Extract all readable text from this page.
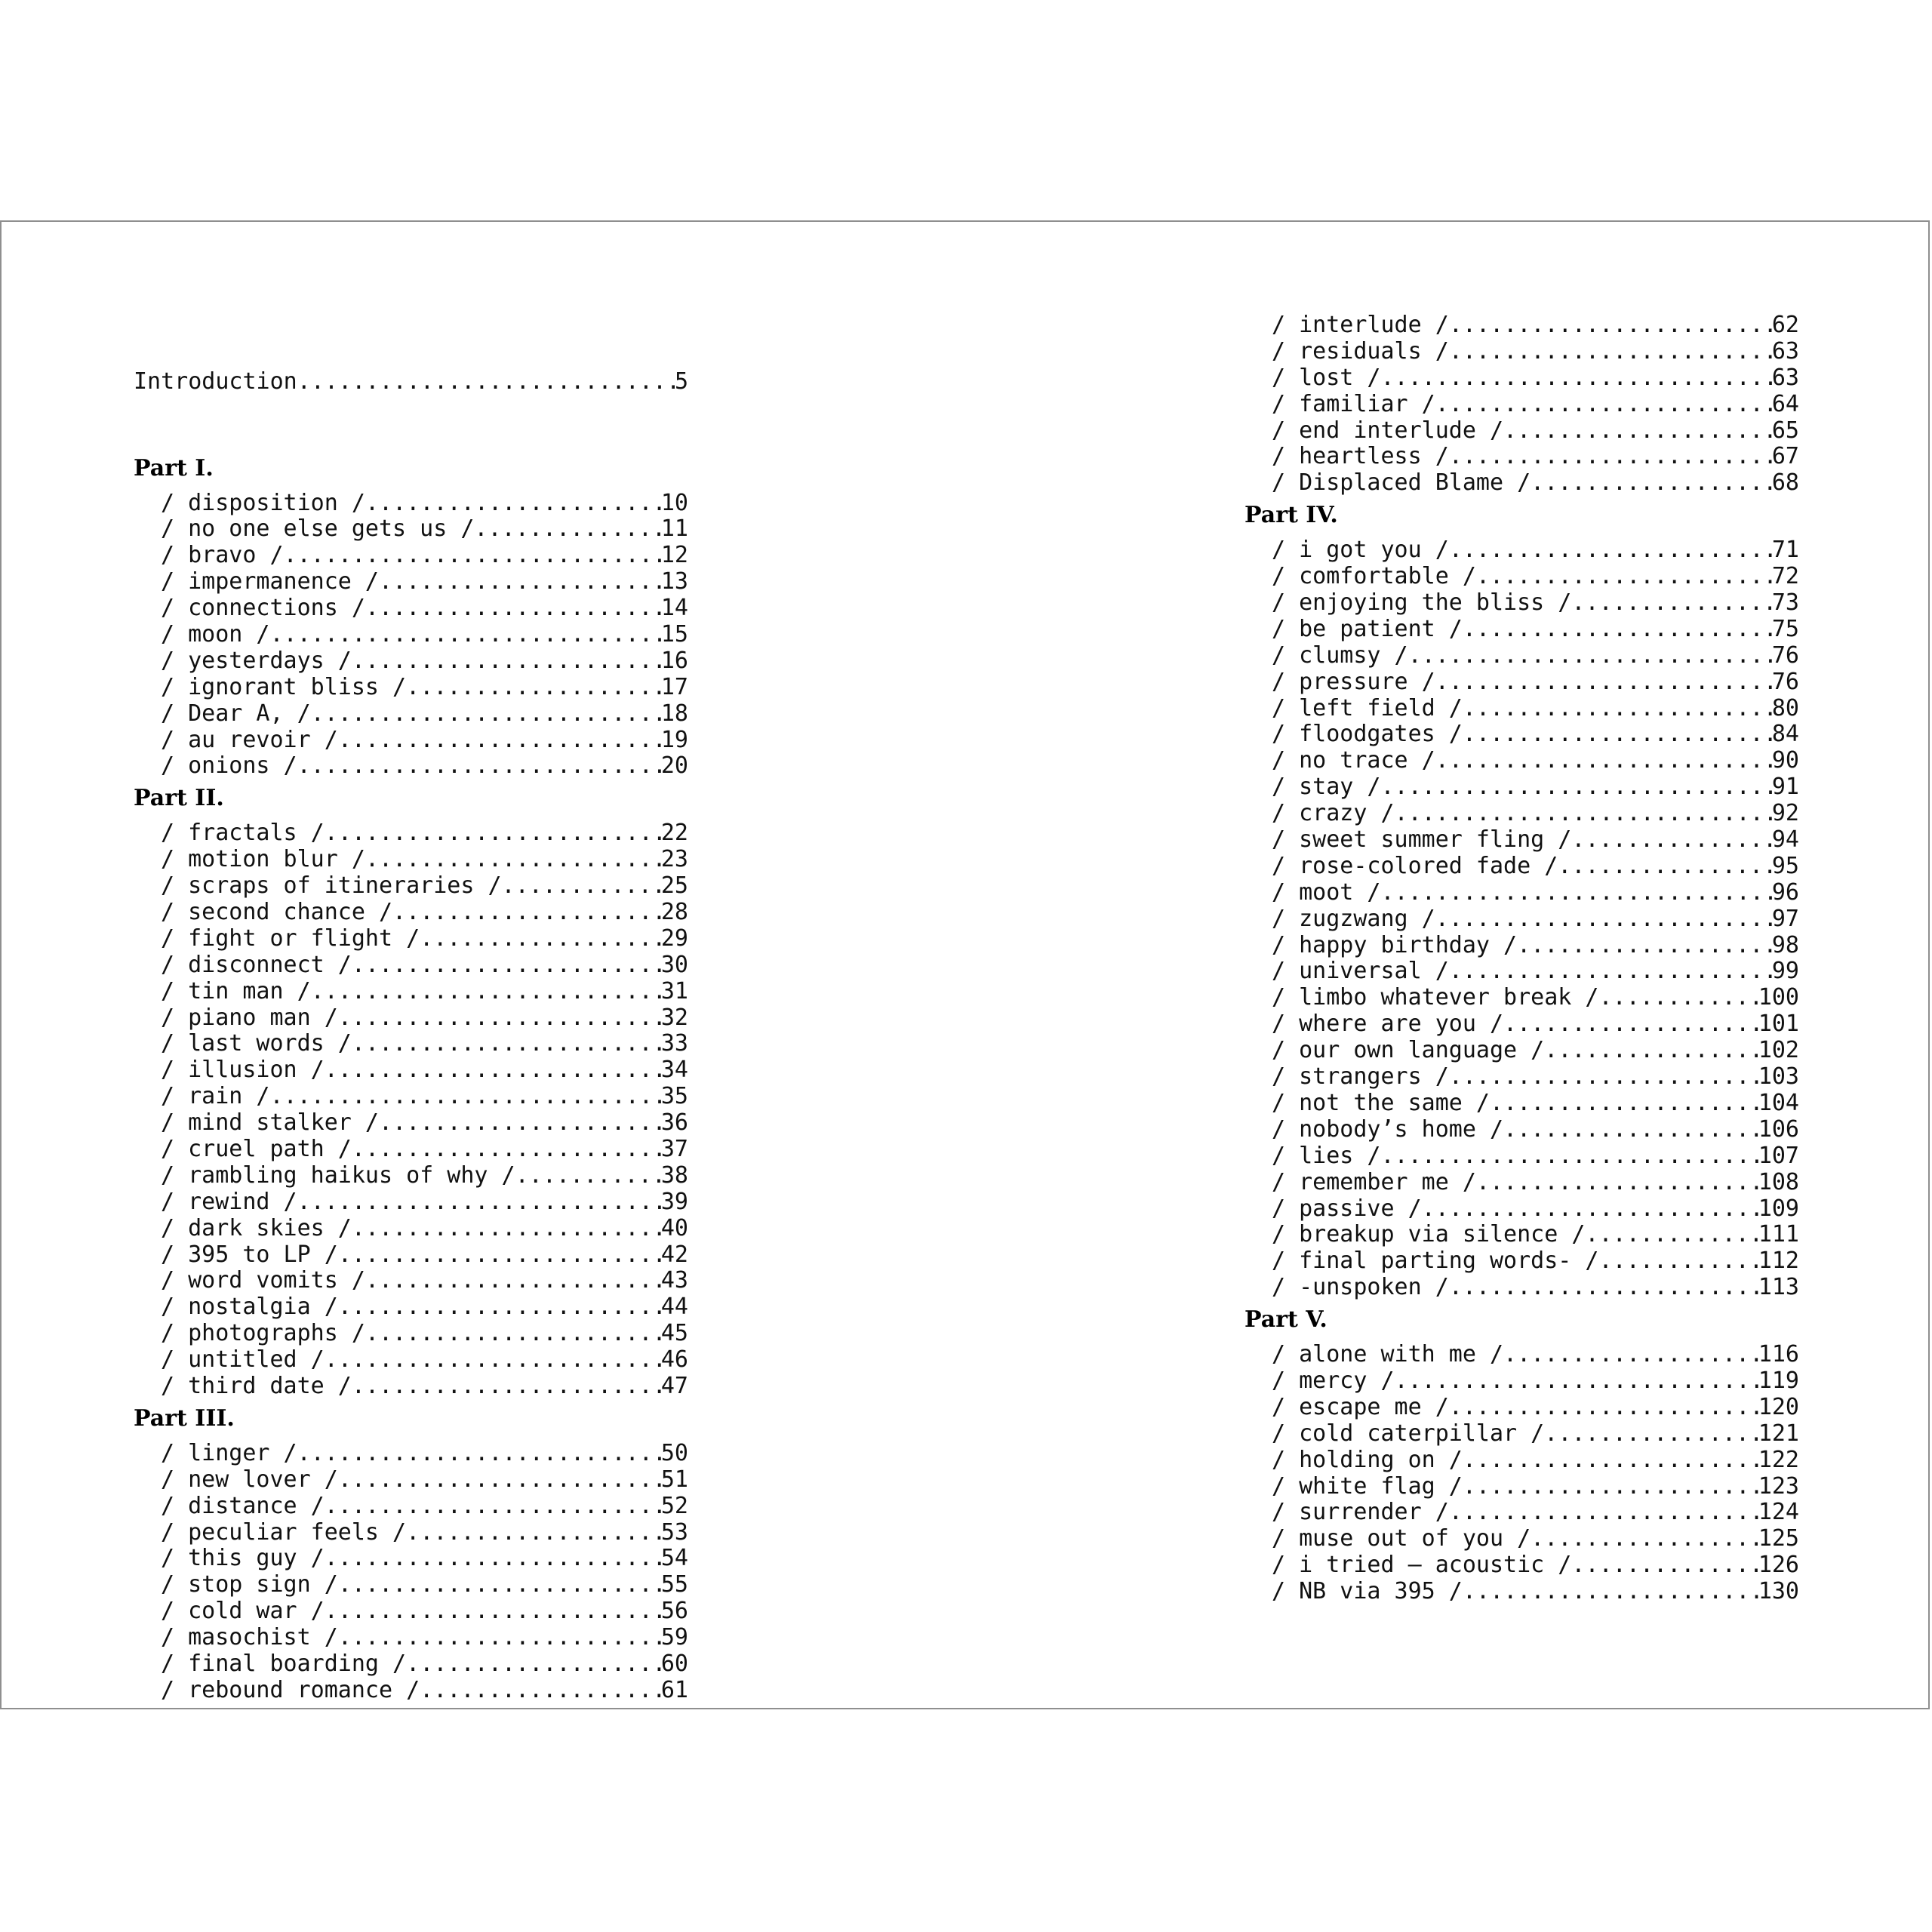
Introduction . . .	5

Part I.
/ disposition / . . .	10
/ no one else gets us / . . .	11
/ bravo / . . .	12
/ impermanence / . . .	13
/ connections / . . .	14
/ moon / . . .	15
/ yesterdays / . . .	16
/ ignorant bliss / . . .	17
/ Dear A, / . . .	18
/ au revoir / . . .	19
/ onions / . . .	20
Part II.
/ fractals / . . .	22
/ motion blur / . . .	23
/ scraps of itineraries / . . .	25
/ second chance / . . .	28
/ fight or flight / . . .	29
/ disconnect / . . .	30
/ tin man / . . .	31
/ piano man / . . .	32
/ last words / . . .	33
/ illusion / . . .	34
/ rain / . . .	35
/ mind stalker / . . .	36
/ cruel path / . . .	37
/ rambling haikus of why / . . .	38
/ rewind / . . .	39
/ dark skies / . . .	40
/ 395 to LP / . . .	42
/ word vomits / . . .	43
/ nostalgia / . . .	44
/ photographs / . . .	45
/ untitled / . . .	46
/ third date / . . .	47
Part III.
/ linger / . . .	50
/ new lover / . . .	51
/ distance / . . .	52
/ peculiar feels / . . .	53
/ this guy / . . .	54
/ stop sign / . . .	55
/ cold war / . . .	56
/ masochist / . . .	59
/ final boarding / . . .	60
/ rebound romance / . . .	61
/ interlude / . . .	62
/ residuals / . . .	63
/ lost / . . .	63
/ familiar / . . .	64
/ end interlude / . . .	65
/ heartless / . . .	67
/ Displaced Blame / . . .	68
Part IV.
/ i got you / . . .	71
/ comfortable / . . .	72
/ enjoying the bliss / . . .	73
/ be patient / . . .	75
/ clumsy / . . .	76
/ pressure / . . .	76
/ left field / . . .	80
/ floodgates / . . .	84
/ no trace / . . .	90
/ stay / . . .	91
/ crazy / . . .	92
/ sweet summer fling / . . .	94
/ rose-colored fade / . . .	95
/ moot / . . .	96
/ zugzwang / . . .	97
/ happy birthday / . . .	98
/ universal / . . .	99
/ limbo whatever break / . . .	100
/ where are you / . . .	101
/ our own language / . . .	102
/ strangers / . . .	103
/ not the same / . . .	104
/ nobody’s home / . . .	106
/ lies / . . .	107
/ remember me / . . .	108
/ passive / . . .	109
/ breakup via silence / . . .	111
/ final parting words- / . . .	112
/ -unspoken / . . .	113
Part V.
/ alone with me / . . .	116
/ mercy / . . .	119
/ escape me / . . .	120
/ cold caterpillar / . . .	121
/ holding on / . . .	122
/ white flag / . . .	123
/ surrender / . . .	124
/ muse out of you / . . .	125
/ i tried – acoustic / . . .	126
/ NB via 395 / . . .	130
